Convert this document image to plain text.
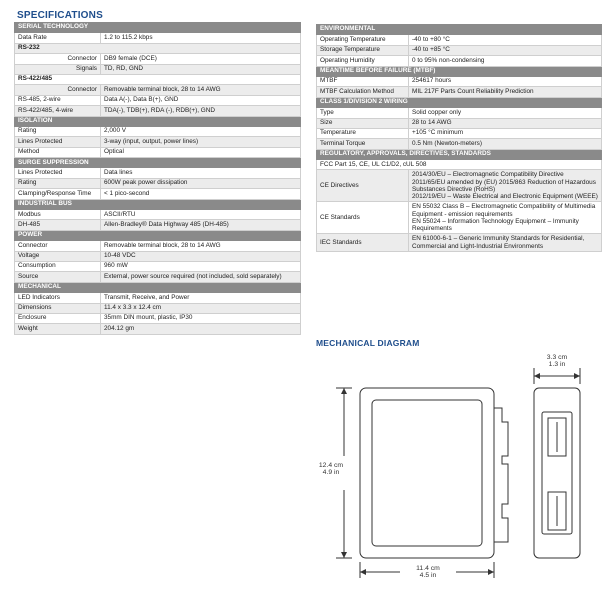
SPECIFICATIONS
SERIAL TECHNOLOGY	
Data Rate	1.2 to 115.2 kbps
RS-232	
Connector	DB9 female (DCE)
Signals	TD, RD, GND
RS-422/485	
Connector	Removable terminal block, 28 to 14 AWG
RS-485, 2-wire	Data A(-), Data B(+), GND
RS-422/485, 4-wire	TDA(-), TDB(+), RDA (-), RDB(+), GND
ISOLATION	
Rating	2,000 V
Lines Protected	3-way (input, output, power lines)
Method	Optical
SURGE SUPPRESSION	
Lines Protected	Data lines
Rating	600W peak power dissipation
Clamping/Response Time	< 1 pico-second
INDUSTRIAL BUS	
Modbus	ASCII/RTU
DH-485	Allen-Bradley® Data Highway 485 (DH-485)
POWER	
Connector	Removable terminal block, 28 to 14 AWG
Voltage	10-48 VDC
Consumption	960 mW
Source	External, power source required (not included, sold separately)
MECHANICAL	
LED Indicators	Transmit, Receive, and Power
Dimensions	11.4 x 3.3 x 12.4 cm
Enclosure	35mm DIN mount, plastic, IP30
Weight	204.12 gm
ENVIRONMENTAL	
Operating Temperature	-40 to +80 °C
Storage Temperature	-40 to +85 °C
Operating Humidity	0 to 95% non-condensing
MEANTIME BEFORE FAILURE (MTBF)	
MTBF	254617 hours
MTBF Calculation Method	MIL 217F Parts Count Reliability Prediction
CLASS 1/DIVISION 2 WIRING	
Type	Solid copper only
Size	28 to 14 AWG
Temperature	+105 °C minimum
Terminal Torque	0.5 Nm (Newton-meters)
REGULATORY, APPROVALS, DIRECTIVES, STANDARDS	
FCC Part 15, CE, UL C1/D2, cUL 508	
CE Directives	2014/30/EU – Electromagnetic Compatibility Directive
2011/65/EU amended by (EU) 2015/863 Reduction of Hazardous Substances Directive (RoHS)
2012/19/EU – Waste Electrical and Electronic Equipment (WEEE)

CE Standards	EN 55032 Class B – Electromagnetic Compatibility of Multimedia Equipment - emission requirements
EN 55024 – Information Technology Equipment – Immunity Requirements

IEC Standards	EN 61000-6-1 – Generic Immunity Standards for Residential, Commercial and Light-Industrial Environments
MECHANICAL DIAGRAM
12.4 cm
4.9 in
11.4 cm
4.5 in
3.3 cm
1.3 in
